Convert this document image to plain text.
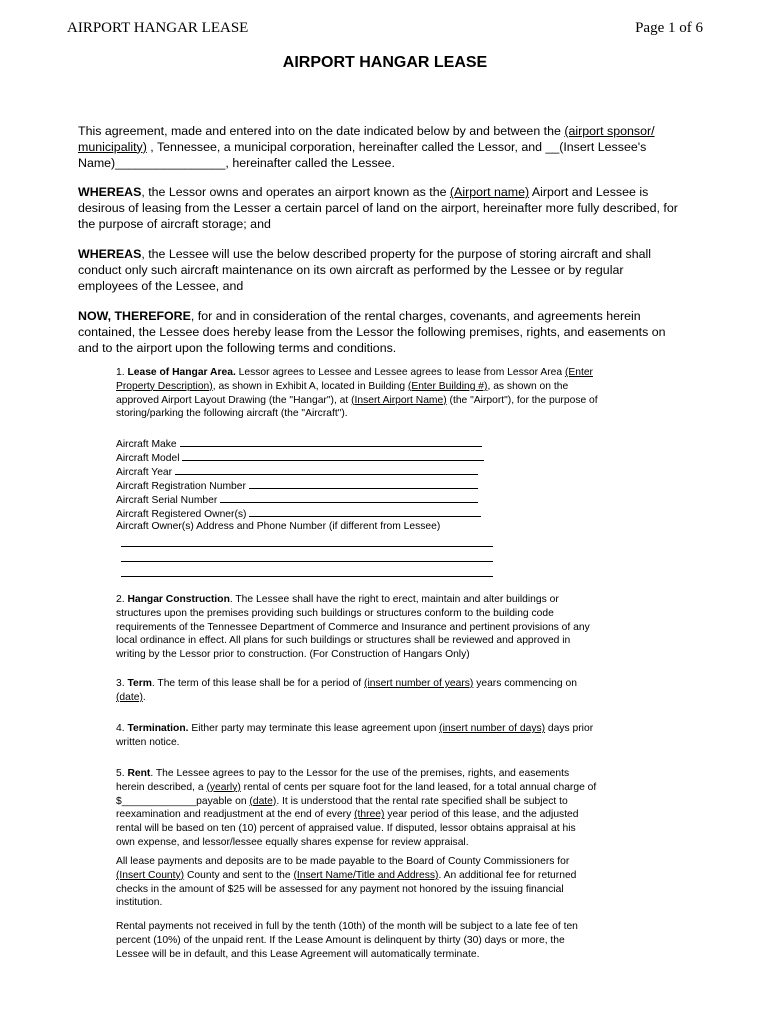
AIRPORT HANGAR LEASE	Page 1 of 6
AIRPORT HANGAR LEASE

This agreement, made and entered into on the date indicated below by and between the (airport sponsor/

municipality) , Tennessee, a municipal corporation, hereinafter called the Lessor, and __(Insert Lessee's

Name)________________, hereinafter called the Lessee.

WHEREAS, the Lessor owns and operates an airport known as the (Airport name) Airport and Lessee is

desirous of leasing from the Lesser a certain parcel of land on the airport, hereinafter more fully described, for

the purpose of aircraft storage; and

WHEREAS, the Lessee will use the below described property for the purpose of storing aircraft and shall

conduct only such aircraft maintenance on its own aircraft as performed by the Lessee or by regular

employees of the Lessee, and

NOW, THEREFORE, for and in consideration of the rental charges, covenants, and agreements herein

contained, the Lessee does hereby lease from the Lessor the following premises, rights, and easements on

and to the airport upon the following terms and conditions.

1. Lease of Hangar Area. Lessor agrees to Lessee and Lessee agrees to lease from Lessor Area (Enter

Property Description), as shown in Exhibit A, located in Building (Enter Building #), as shown on the

approved Airport Layout Drawing (the "Hangar"), at (Insert Airport Name) (the "Airport"), for the purpose of

storing/parking the following aircraft (the "Aircraft").

Aircraft Make
Aircraft Model
Aircraft Year
Aircraft Registration Number
Aircraft Serial Number
Aircraft Registered Owner(s)
Aircraft Owner(s) Address and Phone Number (if different from Lessee)

2. Hangar Construction. The Lessee shall have the right to erect, maintain and alter buildings or

structures upon the premises providing such buildings or structures conform to the building code

requirements of the Tennessee Department of Commerce and Insurance and pertinent provisions of any

local ordinance in effect. All plans for such buildings or structures shall be reviewed and approved in

writing by the Lessor prior to construction. (For Construction of Hangars Only)

3. Term. The term of this lease shall be for a period of (insert number of years) years commencing on

(date).

4. Termination. Either party may terminate this lease agreement upon (insert number of days) days prior

written notice.

5. Rent. The Lessee agrees to pay to the Lessor for the use of the premises, rights, and easements

herein described, a (yearly) rental of cents per square foot for the land leased, for a total annual charge of

$_____________payable on (date). It is understood that the rental rate specified shall be subject to

reexamination and readjustment at the end of every (three) year period of this lease, and the adjusted

rental will be based on ten (10) percent of appraised value. If disputed, lessor obtains appraisal at his

own expense, and lessor/lessee equally shares expense for review appraisal.

All lease payments and deposits are to be made payable to the Board of County Commissioners for

(Insert County) County and sent to the (Insert Name/Title and Address). An additional fee for returned

checks in the amount of $25 will be assessed for any payment not honored by the issuing financial

institution.

Rental payments not received in full by the tenth (10th) of the month will be subject to a late fee of ten

percent (10%) of the unpaid rent. If the Lease Amount is delinquent by thirty (30) days or more, the

Lessee will be in default, and this Lease Agreement will automatically terminate.
